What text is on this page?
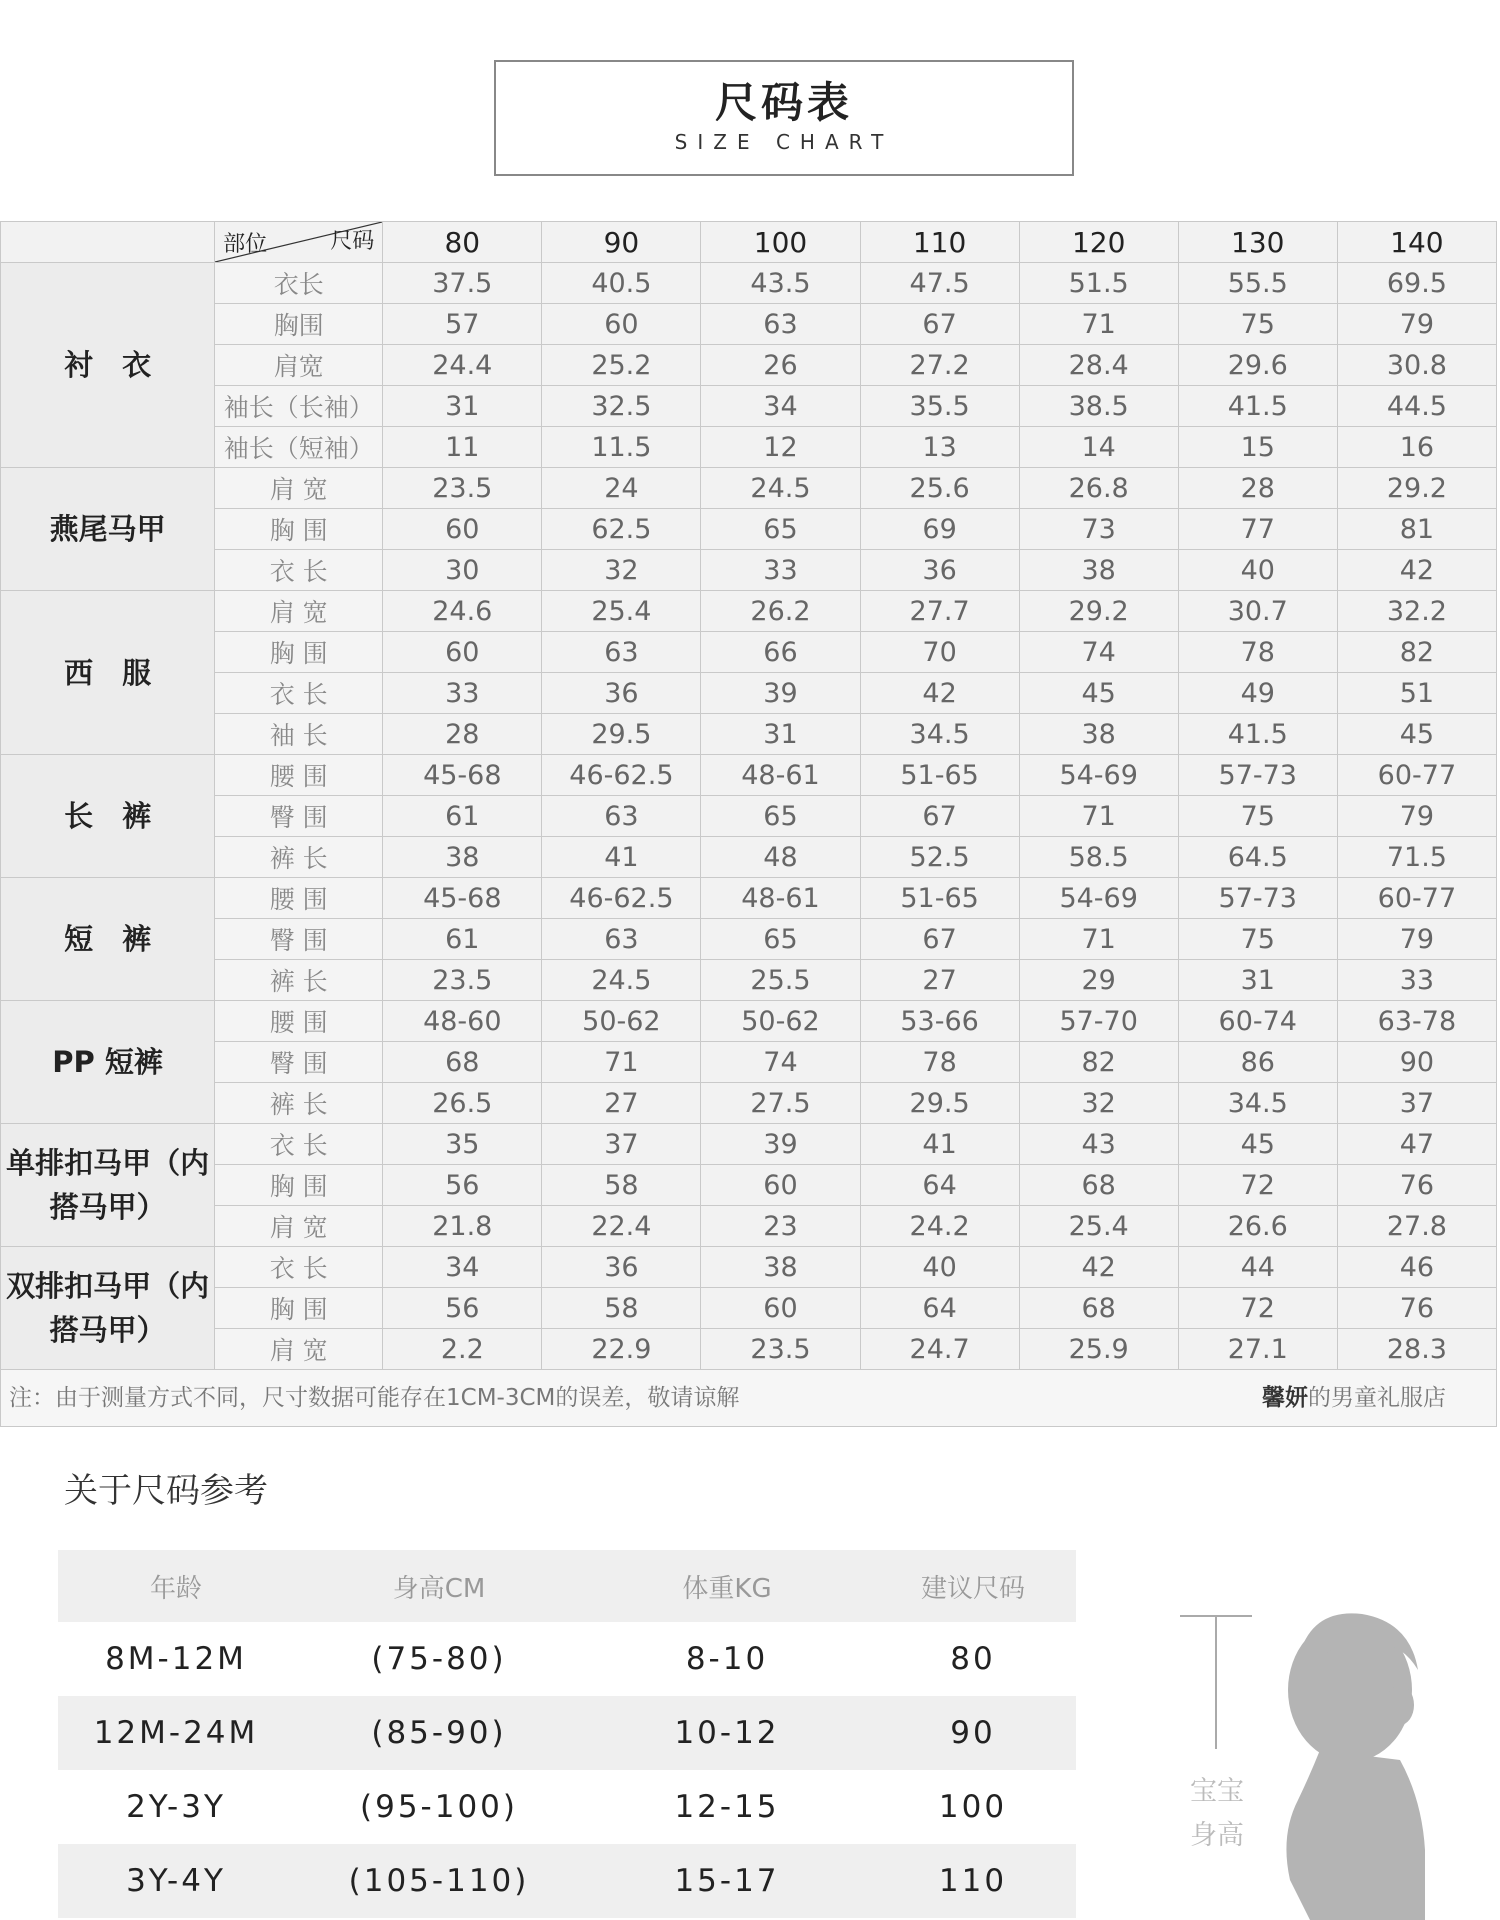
尺码表
SIZE CHART

	部位 尺码	80	90	100	110	120	130	140
衬　衣	衣长	37.5	40.5	43.5	47.5	51.5	55.5	69.5
	胸围	57	60	63	67	71	75	79
	肩宽	24.4	25.2	26	27.2	28.4	29.6	30.8
	袖长（长袖）	31	32.5	34	35.5	38.5	41.5	44.5
	袖长（短袖）	11	11.5	12	13	14	15	16
燕尾马甲	肩 宽	23.5	24	24.5	25.6	26.8	28	29.2
	胸 围	60	62.5	65	69	73	77	81
	衣 长	30	32	33	36	38	40	42
西　服	肩 宽	24.6	25.4	26.2	27.7	29.2	30.7	32.2
	胸 围	60	63	66	70	74	78	82
	衣 长	33	36	39	42	45	49	51
	袖 长	28	29.5	31	34.5	38	41.5	45
长　裤	腰 围	45-68	46-62.5	48-61	51-65	54-69	57-73	60-77
	臀 围	61	63	65	67	71	75	79
	裤 长	38	41	48	52.5	58.5	64.5	71.5
短　裤	腰 围	45-68	46-62.5	48-61	51-65	54-69	57-73	60-77
	臀 围	61	63	65	67	71	75	79
	裤 长	23.5	24.5	25.5	27	29	31	33
PP 短裤	腰 围	48-60	50-62	50-62	53-66	57-70	60-74	63-78
	臀 围	68	71	74	78	82	86	90
	裤 长	26.5	27	27.5	29.5	32	34.5	37
单排扣马甲（内搭马甲）	衣 长	35	37	39	41	43	45	47
	胸 围	56	58	60	64	68	72	76
	肩 宽	21.8	22.4	23	24.2	25.4	26.6	27.8
双排扣马甲（内搭马甲）	衣 长	34	36	38	40	42	44	46
	胸 围	56	58	60	64	68	72	76
	肩 宽	2.2	22.9	23.5	24.7	25.9	27.1	28.3

注：由于测量方式不同，尺寸数据可能存在1CM-3CM的误差，敬请谅解 馨妍的男童礼服店								
关于尺码参考
年龄	身高CM	体重KG	建议尺码
8M-12M	(75-80)	8-10	80
12M-24M	(85-90)	10-12	90
2Y-3Y	(95-100)	12-15	100
3Y-4Y	(105-110)	15-17	110
宝宝
身高
